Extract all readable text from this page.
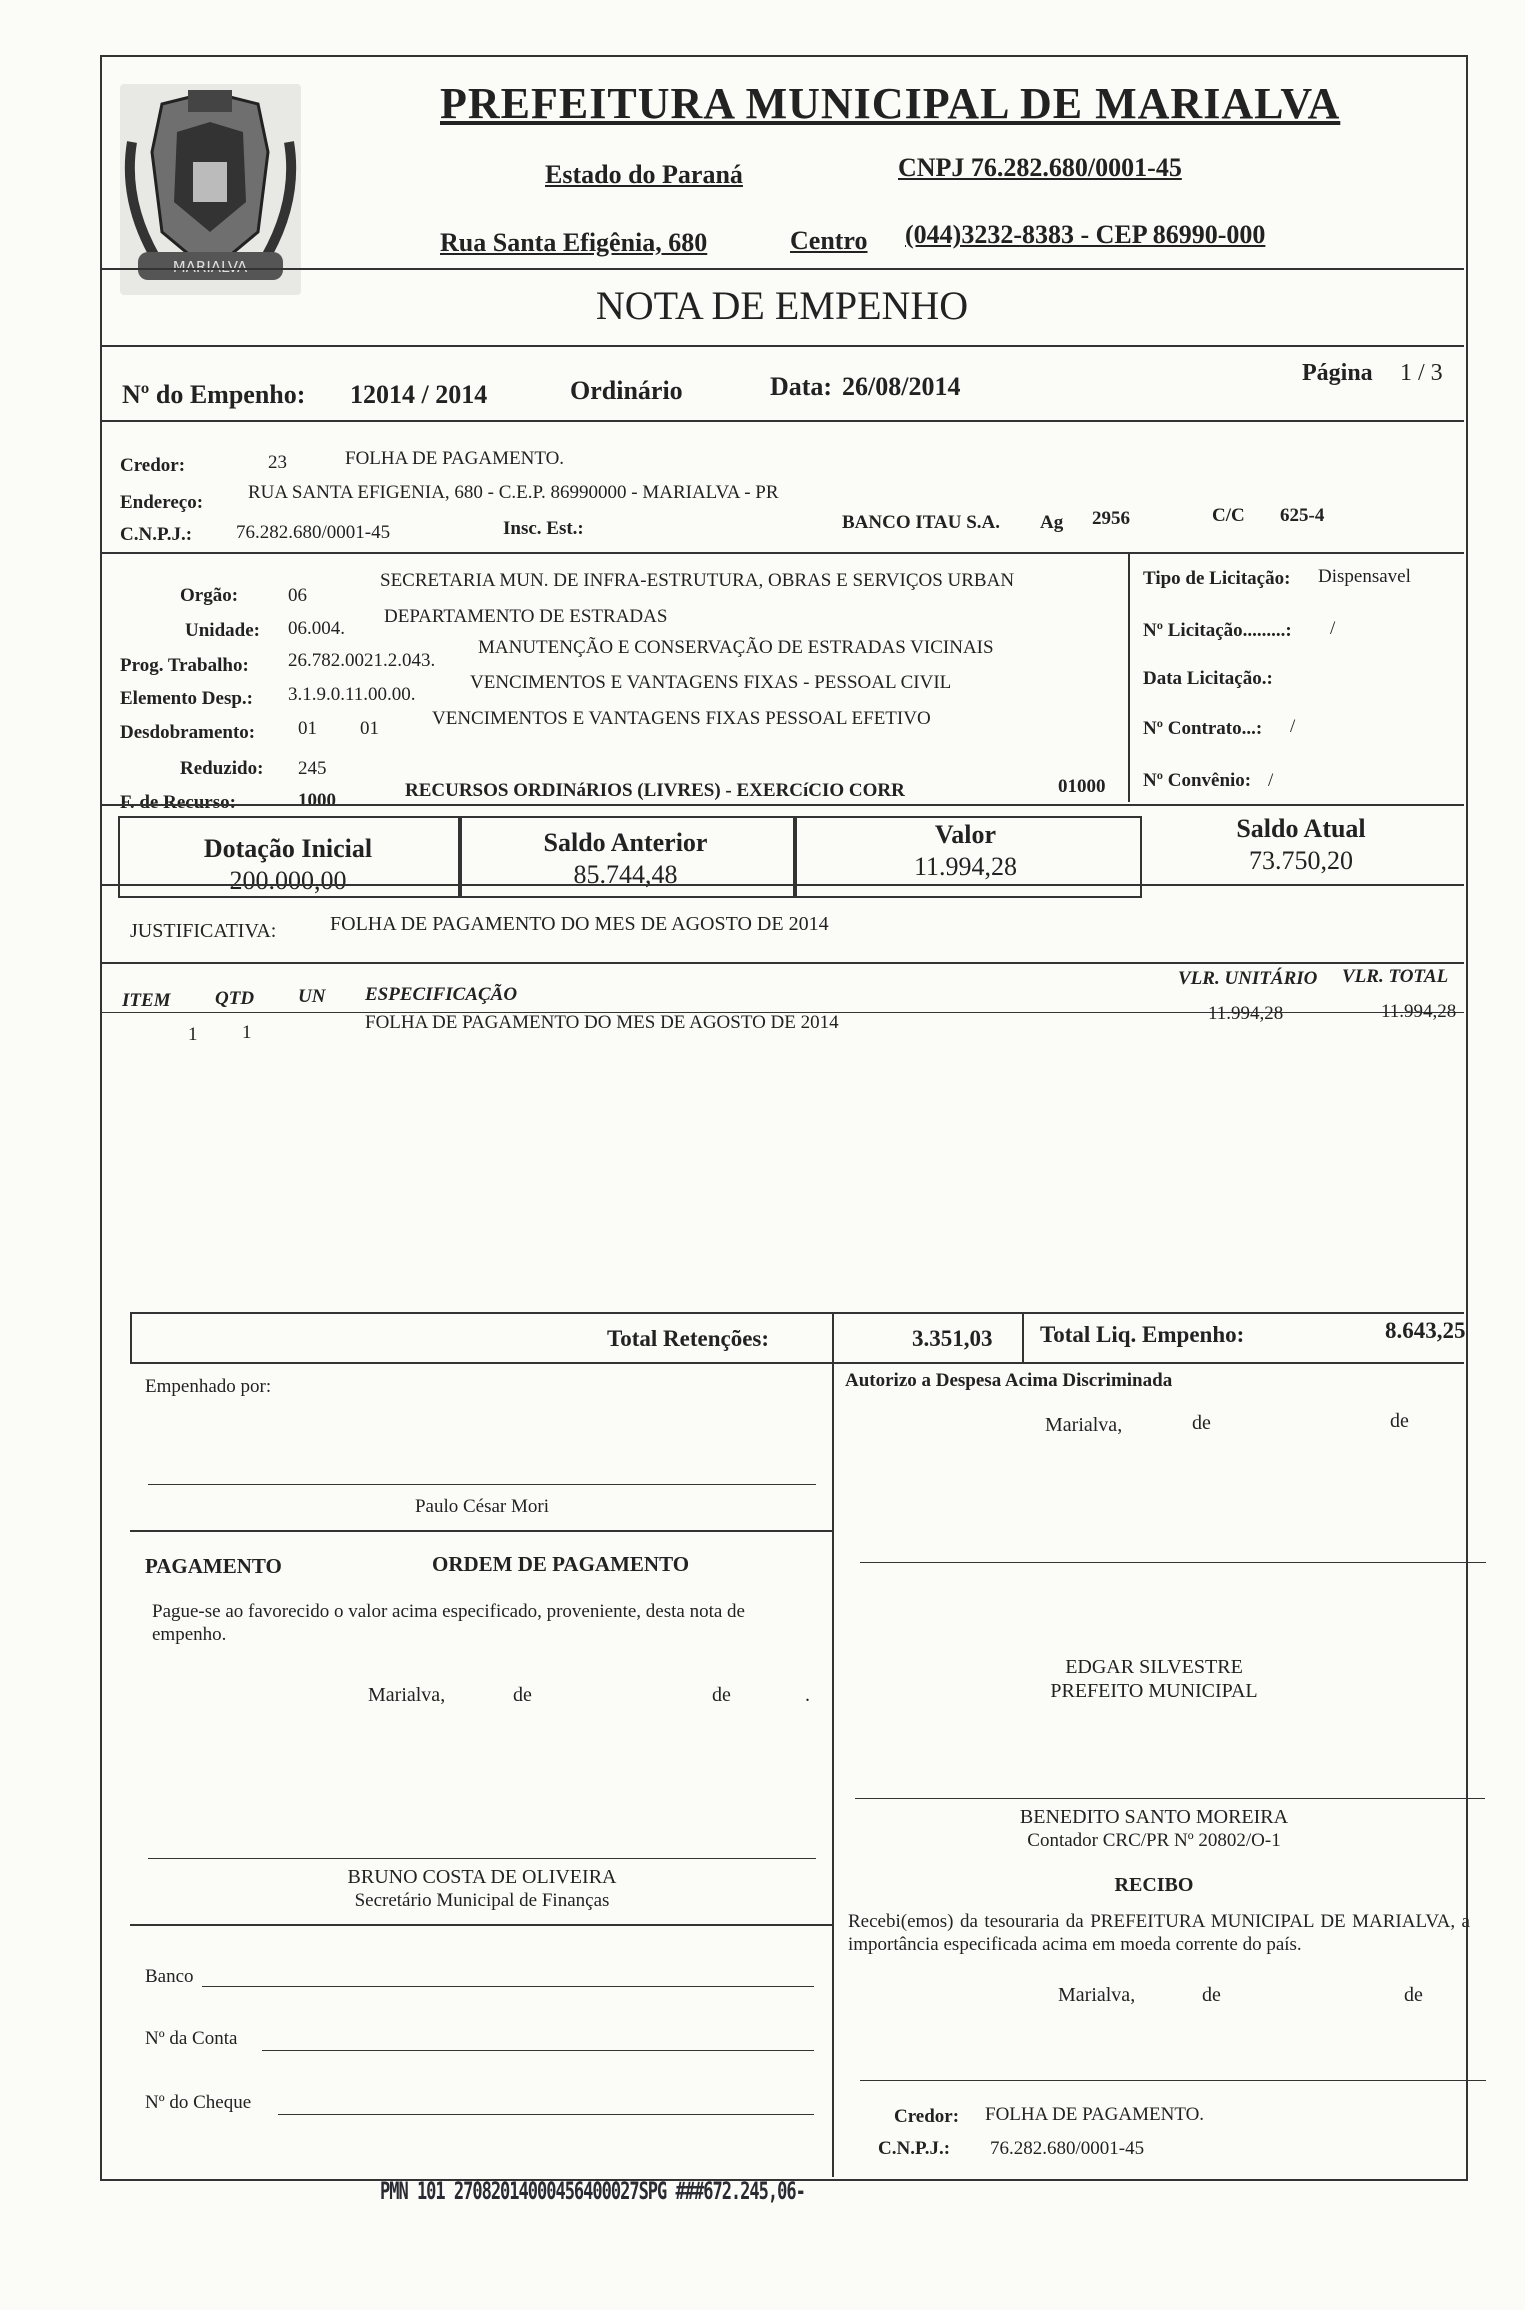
MARIALVA
PREFEITURA MUNICIPAL DE MARIALVA
Estado do Paraná	CNPJ 76.282.680/0001-45
Rua Santa Efigênia, 680	Centro (044)3232-8383 - CEP 86990-000
NOTA DE EMPENHO
Nº do Empenho: 12014 / 2014	Ordinário	Data: 26/08/2014	Página 1 / 3
Credor:	23	FOLHA DE PAGAMENTO.
Endereço: RUA SANTA EFIGENIA, 680 - C.E.P. 86990000 - MARIALVA - PR
C.N.P.J.: 76.282.680/0001-45	Insc. Est.:	BANCO ITAU S.A. Ag 2956	C/C 625-4
Orgão:	06
SECRETARIA MUN. DE INFRA-ESTRUTURA, OBRAS E SERVIÇOS URBAN
Unidade: 06.004.
DEPARTAMENTO DE ESTRADAS
Prog. Trabalho: 26.782.0021.2.043.
MANUTENÇÃO E CONSERVAÇÃO DE ESTRADAS VICINAIS
Elemento Desp.: 3.1.9.0.11.00.00.
VENCIMENTOS E VANTAGENS FIXAS - PESSOAL CIVIL
Desdobramento: 01 01	VENCIMENTOS E VANTAGENS FIXAS PESSOAL EFETIVO
Reduzido: 245
F. de Recurso:	1000	RECURSOS ORDINáRIOS (LIVRES) - EXERCíCIO CORR	01000
Tipo de Licitação: Dispensavel
Nº Licitação.........: /
Data Licitação.:
Nº Contrato...: /
Nº Convênio: /
Dotação Inicial
200.000,00
Saldo Anterior
85.744,48
Valor
11.994,28
Saldo Atual
73.750,20
JUSTIFICATIVA:	FOLHA DE PAGAMENTO DO MES DE AGOSTO DE 2014
ITEM QTD UN ESPECIFICAÇÃO
VLR. UNITÁRIO VLR. TOTAL
1 1	FOLHA DE PAGAMENTO DO MES DE AGOSTO DE 2014	11.994,28	11.994,28
Total Retenções:	3.351,03 Total Liq. Empenho:	8.643,25
Empenhado por:
Paulo César Mori
Autorizo a Despesa Acima Discriminada
Marialva,	de	de
PAGAMENTO	ORDEM DE PAGAMENTO
Pague-se ao favorecido o valor acima especificado, proveniente, desta nota de empenho.
Marialva,	de	de	.
EDGAR SILVESTRE
PREFEITO MUNICIPAL
BENEDITO SANTO MOREIRA
Contador CRC/PR Nº 20802/O-1
BRUNO COSTA DE OLIVEIRA
Secretário Municipal de Finanças
RECIBO
Recebi(emos) da tesouraria da PREFEITURA MUNICIPAL DE MARIALVA, a importância especificada acima em moeda corrente do país.
Marialva,	de	de
Banco
Nº da Conta
Nº do Cheque
Credor: FOLHA DE PAGAMENTO.
C.N.P.J.: 76.282.680/0001-45
PMN 101 27082014000456400027SPG ###672.245,06-
